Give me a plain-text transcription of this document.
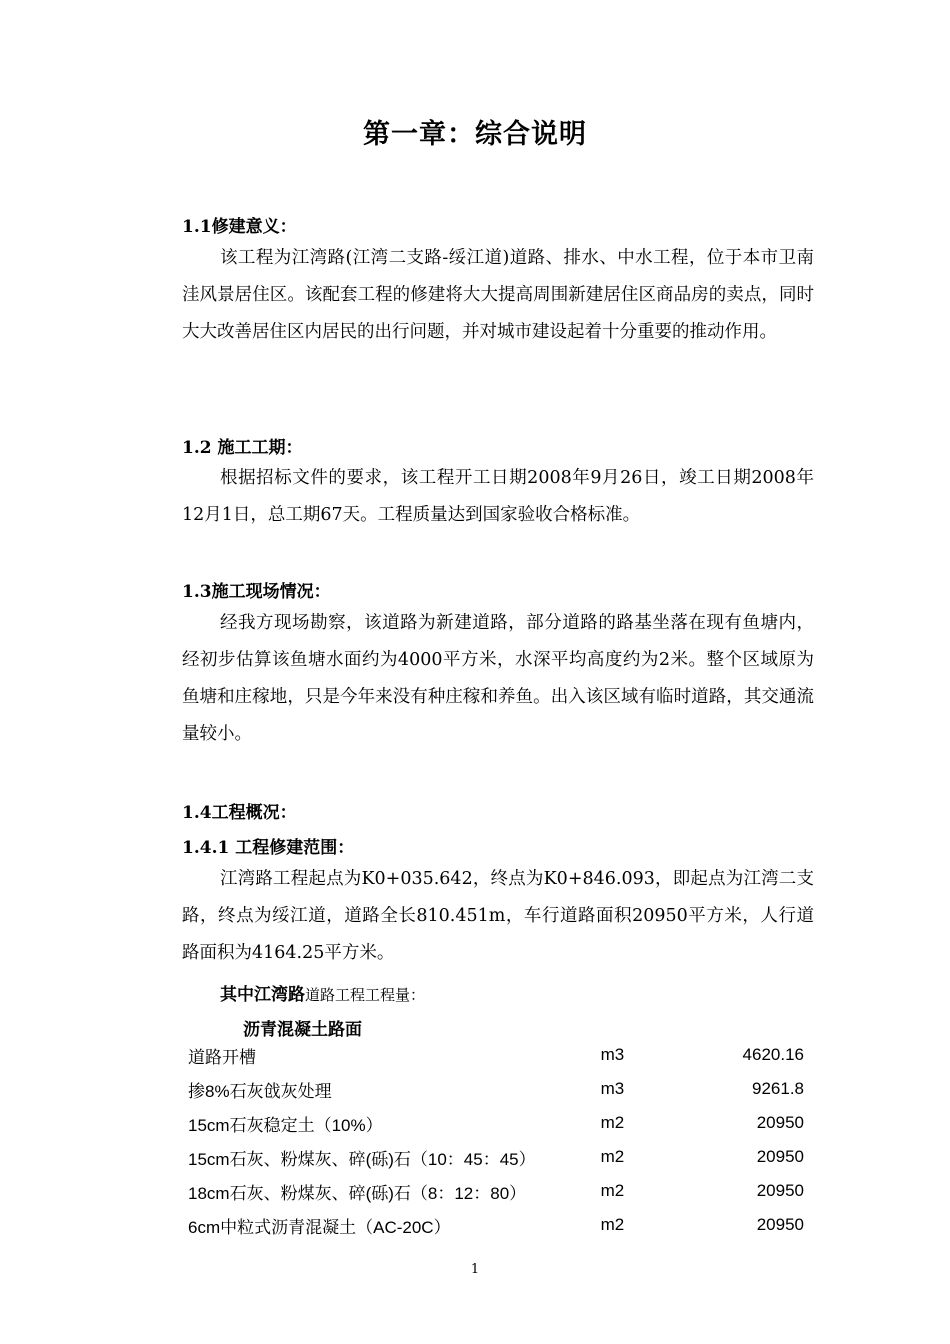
第一章：综合说明
1.1修建意义：

该工程为江湾路(江湾二支路-绥江道)道路、排水、中水工程，位于本市卫南洼风景居住区。该配套工程的修建将大大提高周围新建居住区商品房的卖点，同时大大改善居住区内居民的出行问题，并对城市建设起着十分重要的推动作用。

1.2 施工工期：

根据招标文件的要求，该工程开工日期2008年9月26日，竣工日期2008年12月1日，总工期67天。工程质量达到国家验收合格标准。

1.3施工现场情况：

经我方现场勘察，该道路为新建道路，部分道路的路基坐落在现有鱼塘内，经初步估算该鱼塘水面约为4000平方米，水深平均高度约为2米。整个区域原为鱼塘和庄稼地，只是今年来没有种庄稼和养鱼。出入该区域有临时道路，其交通流量较小。

1.4工程概况：
1.4.1 工程修建范围：

江湾路工程起点为K0+035.642，终点为K0+846.093，即起点为江湾二支路，终点为绥江道，道路全长810.451m，车行道路面积20950平方米，人行道路面积为4164.25平方米。

其中江湾路道路工程工程量：
沥青混凝土路面
道路开槽	m3	4620.16
掺8%石灰戗灰处理	m3	9261.8
15cm石灰稳定土（10%）	m2	20950
15cm石灰、粉煤灰、碎(砾)石（10：45：45）	m2	20950
18cm石灰、粉煤灰、碎(砾)石（8：12：80）	m2	20950
6cm中粒式沥青混凝土（AC-20C）	m2	20950
1
